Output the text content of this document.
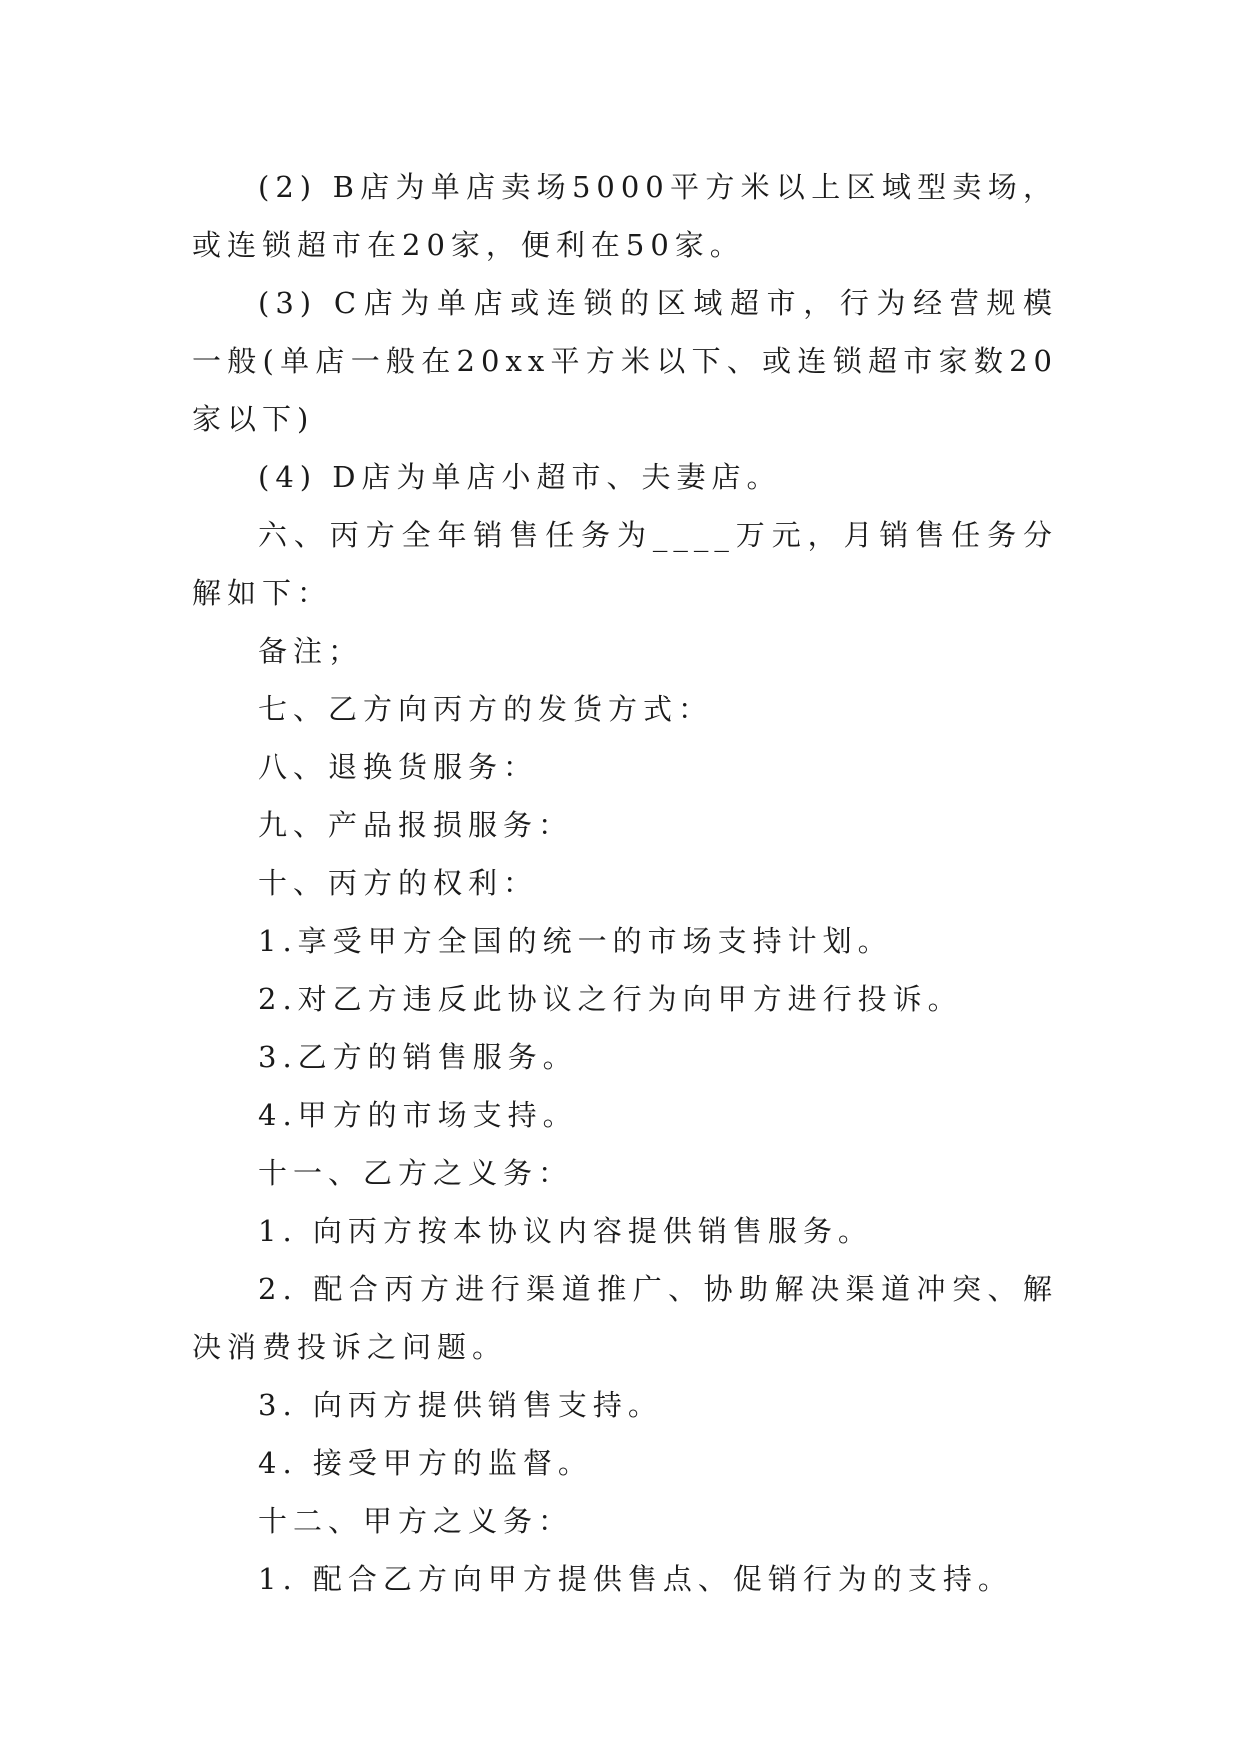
(2) B店为单店卖场5000平方米以上区域型卖场，或连锁超市在20家，便利在50家。

(3) C店为单店或连锁的区域超市，行为经营规模一般(单店一般在20xx平方米以下、或连锁超市家数20家以下)

(4) D店为单店小超市、夫妻店。

六、丙方全年销售任务为____万元，月销售任务分解如下：

备注；

七、乙方向丙方的发货方式：

八、退换货服务：

九、产品报损服务：

十、丙方的权利：

1.享受甲方全国的统一的市场支持计划。

2.对乙方违反此协议之行为向甲方进行投诉。

3.乙方的销售服务。

4.甲方的市场支持。

十一、乙方之义务：

1. 向丙方按本协议内容提供销售服务。

2. 配合丙方进行渠道推广、协助解决渠道冲突、解决消费投诉之问题。

3. 向丙方提供销售支持。

4. 接受甲方的监督。

十二、甲方之义务：

1. 配合乙方向甲方提供售点、促销行为的支持。
